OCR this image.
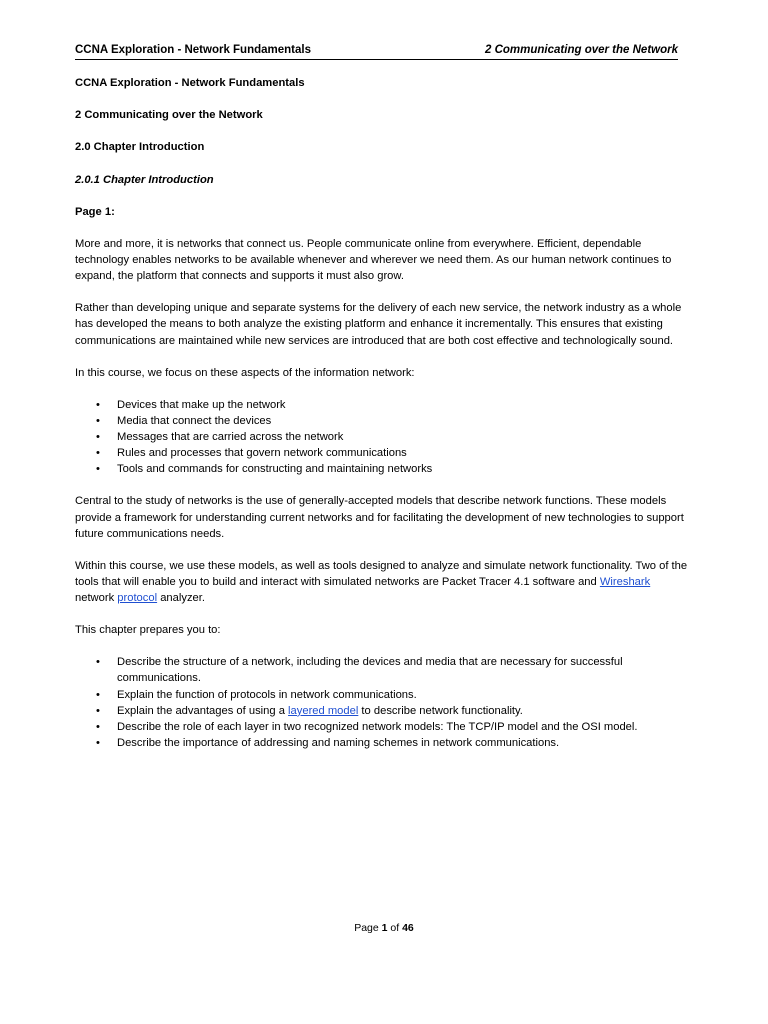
CCNA Exploration - Network Fundamentals	2 Communicating over the Network

CCNA Exploration - Network Fundamentals

2 Communicating over the Network

2.0 Chapter Introduction

2.0.1 Chapter Introduction

Page 1:

More and more, it is networks that connect us. People communicate online from everywhere. Efficient, dependable technology enables networks to be available whenever and wherever we need them. As our human network continues to expand, the platform that connects and supports it must also grow.

Rather than developing unique and separate systems for the delivery of each new service, the network industry as a whole has developed the means to both analyze the existing platform and enhance it incrementally. This ensures that existing communications are maintained while new services are introduced that are both cost effective and technologically sound.

In this course, we focus on these aspects of the information network:

• Devices that make up the network
• Media that connect the devices
• Messages that are carried across the network
• Rules and processes that govern network communications
• Tools and commands for constructing and maintaining networks

Central to the study of networks is the use of generally-accepted models that describe network functions. These models provide a framework for understanding current networks and for facilitating the development of new technologies to support future communications needs.

Within this course, we use these models, as well as tools designed to analyze and simulate network functionality. Two of the tools that will enable you to build and interact with simulated networks are Packet Tracer 4.1 software and Wireshark network protocol analyzer.

This chapter prepares you to:

• Describe the structure of a network, including the devices and media that are necessary for successful communications.
• Explain the function of protocols in network communications.
• Explain the advantages of using a layered model to describe network functionality.
• Describe the role of each layer in two recognized network models: The TCP/IP model and the OSI model.
• Describe the importance of addressing and naming schemes in network communications.
Page 1 of 46
